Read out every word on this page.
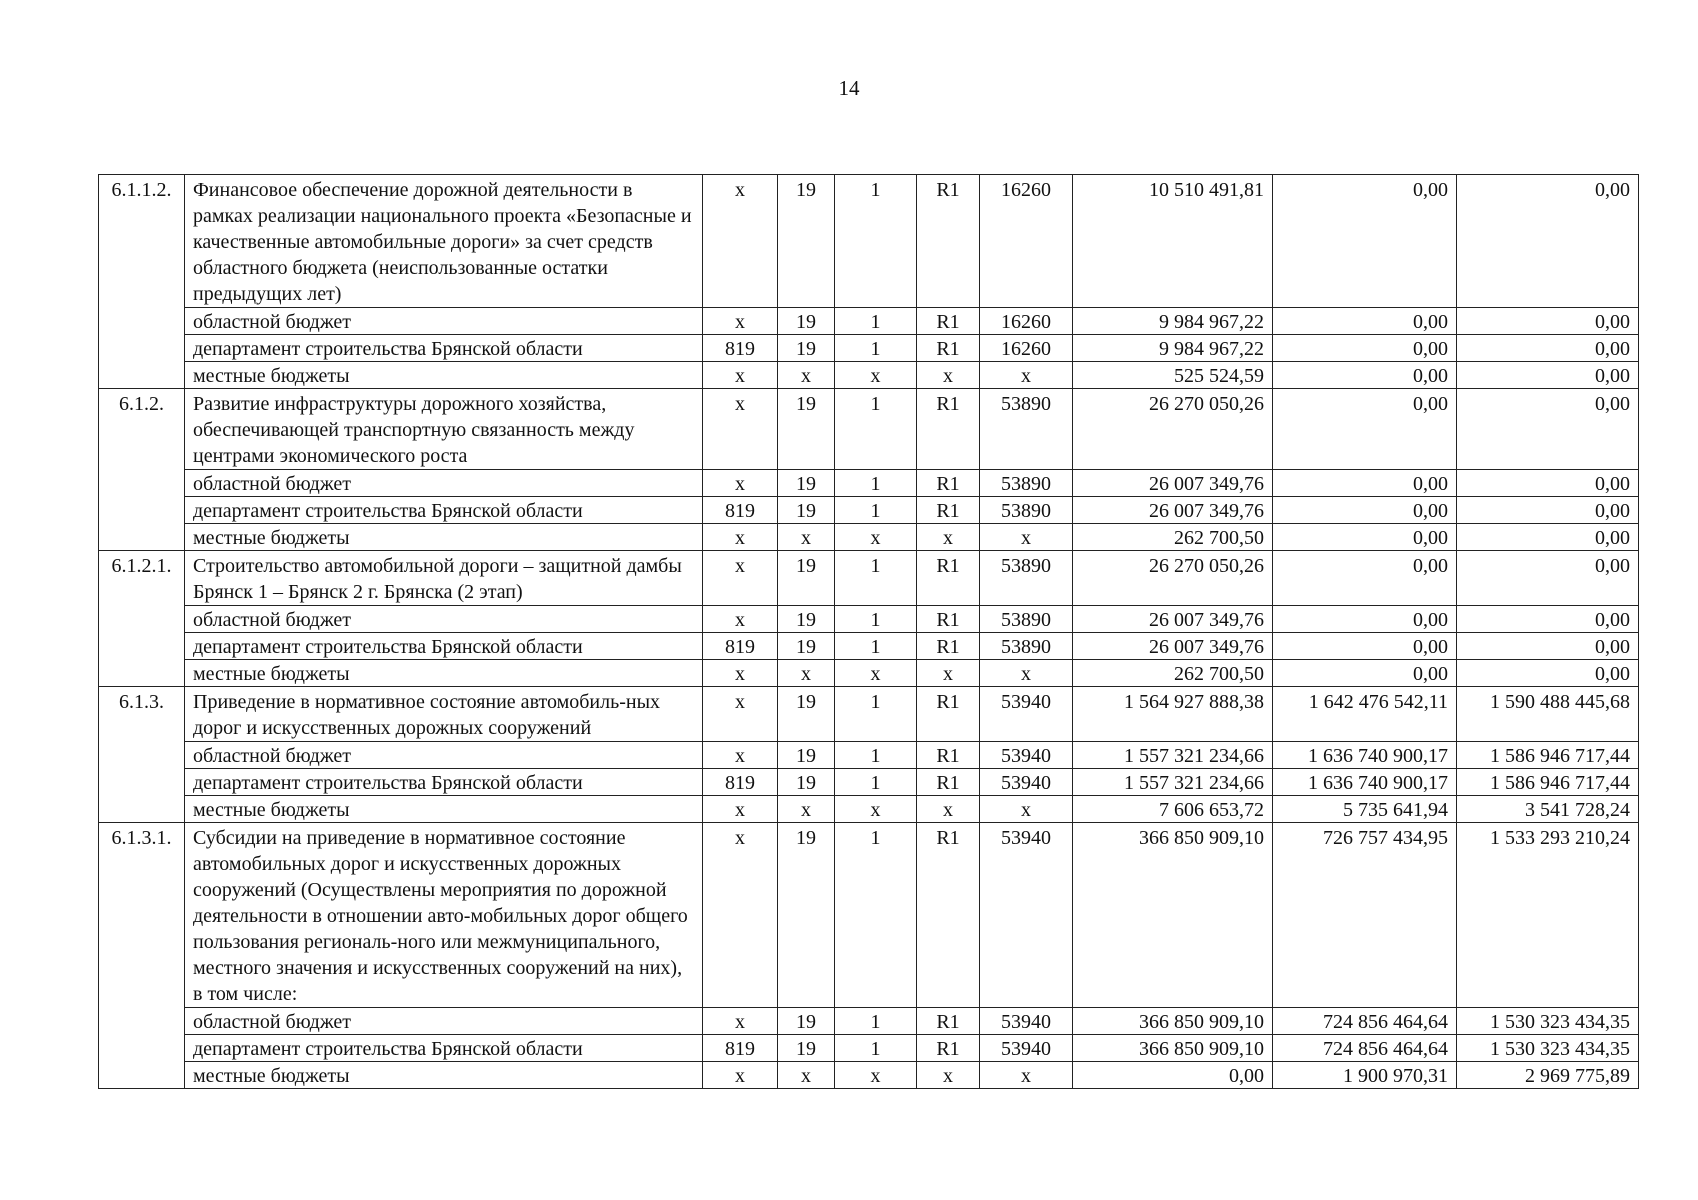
14
6.1.1.2.	Финансовое обеспечение дорожной деятельности в рамках реализации национального проекта «Безопасные и качественные автомобильные дороги» за счет средств областного бюджета (неиспользованные остатки предыдущих лет)	x	19	1	R1	16260	10 510 491,81	0,00	0,00
	областной бюджет	x	19	1	R1	16260	9 984 967,22	0,00	0,00
	департамент строительства Брянской области	819	19	1	R1	16260	9 984 967,22	0,00	0,00
	местные бюджеты	x	x	x	x	x	525 524,59	0,00	0,00
6.1.2.	Развитие инфраструктуры дорожного хозяйства, обеспечивающей транспортную связанность между центрами экономического роста	x	19	1	R1	53890	26 270 050,26	0,00	0,00
	областной бюджет	x	19	1	R1	53890	26 007 349,76	0,00	0,00
	департамент строительства Брянской области	819	19	1	R1	53890	26 007 349,76	0,00	0,00
	местные бюджеты	x	x	x	x	x	262 700,50	0,00	0,00
6.1.2.1.	Строительство автомобильной дороги – защитной дамбы Брянск 1 – Брянск 2 г. Брянска (2 этап)	x	19	1	R1	53890	26 270 050,26	0,00	0,00
	областной бюджет	x	19	1	R1	53890	26 007 349,76	0,00	0,00
	департамент строительства Брянской области	819	19	1	R1	53890	26 007 349,76	0,00	0,00
	местные бюджеты	x	x	x	x	x	262 700,50	0,00	0,00
6.1.3.	Приведение в нормативное состояние автомобиль-ных дорог и искусственных дорожных сооружений	x	19	1	R1	53940	1 564 927 888,38	1 642 476 542,11	1 590 488 445,68
	областной бюджет	x	19	1	R1	53940	1 557 321 234,66	1 636 740 900,17	1 586 946 717,44
	департамент строительства Брянской области	819	19	1	R1	53940	1 557 321 234,66	1 636 740 900,17	1 586 946 717,44
	местные бюджеты	x	x	x	x	x	7 606 653,72	5 735 641,94	3 541 728,24
6.1.3.1.	Субсидии на приведение в нормативное состояние автомобильных дорог и искусственных дорожных сооружений (Осуществлены мероприятия по дорожной деятельности в отношении авто-мобильных дорог общего пользования региональ-ного или межмуниципального, местного значения и искусственных сооружений на них), в том числе:	x	19	1	R1	53940	366 850 909,10	726 757 434,95	1 533 293 210,24
	областной бюджет	x	19	1	R1	53940	366 850 909,10	724 856 464,64	1 530 323 434,35
	департамент строительства Брянской области	819	19	1	R1	53940	366 850 909,10	724 856 464,64	1 530 323 434,35
	местные бюджеты	x	x	x	x	x	0,00	1 900 970,31	2 969 775,89
